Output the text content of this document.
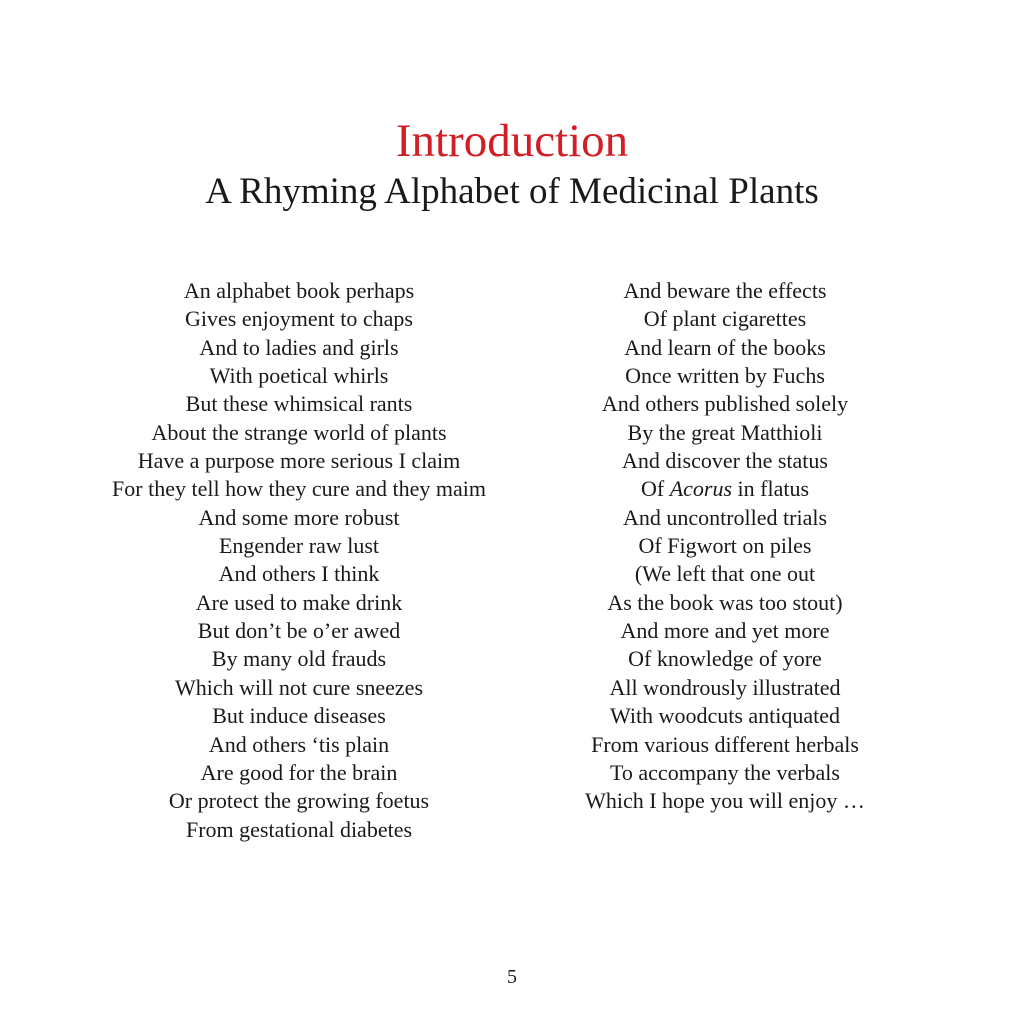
Introduction
A Rhyming Alphabet of Medicinal Plants
An alphabet book perhaps
Gives enjoyment to chaps
And to ladies and girls
With poetical whirls
But these whimsical rants
About the strange world of plants
Have a purpose more serious I claim
For they tell how they cure and they maim
And some more robust
Engender raw lust
And others I think
Are used to make drink
But don’t be o’er awed
By many old frauds
Which will not cure sneezes
But induce diseases
And others ‘tis plain
Are good for the brain
Or protect the growing foetus
From gestational diabetes
And beware the effects
Of plant cigarettes
And learn of the books
Once written by Fuchs
And others published solely
By the great Matthioli
And discover the status
Of Acorus in flatus
And uncontrolled trials
Of Figwort on piles
(We left that one out
As the book was too stout)
And more and yet more
Of knowledge of yore
All wondrously illustrated
With woodcuts antiquated
From various different herbals
To accompany the verbals
Which I hope you will enjoy …
5
